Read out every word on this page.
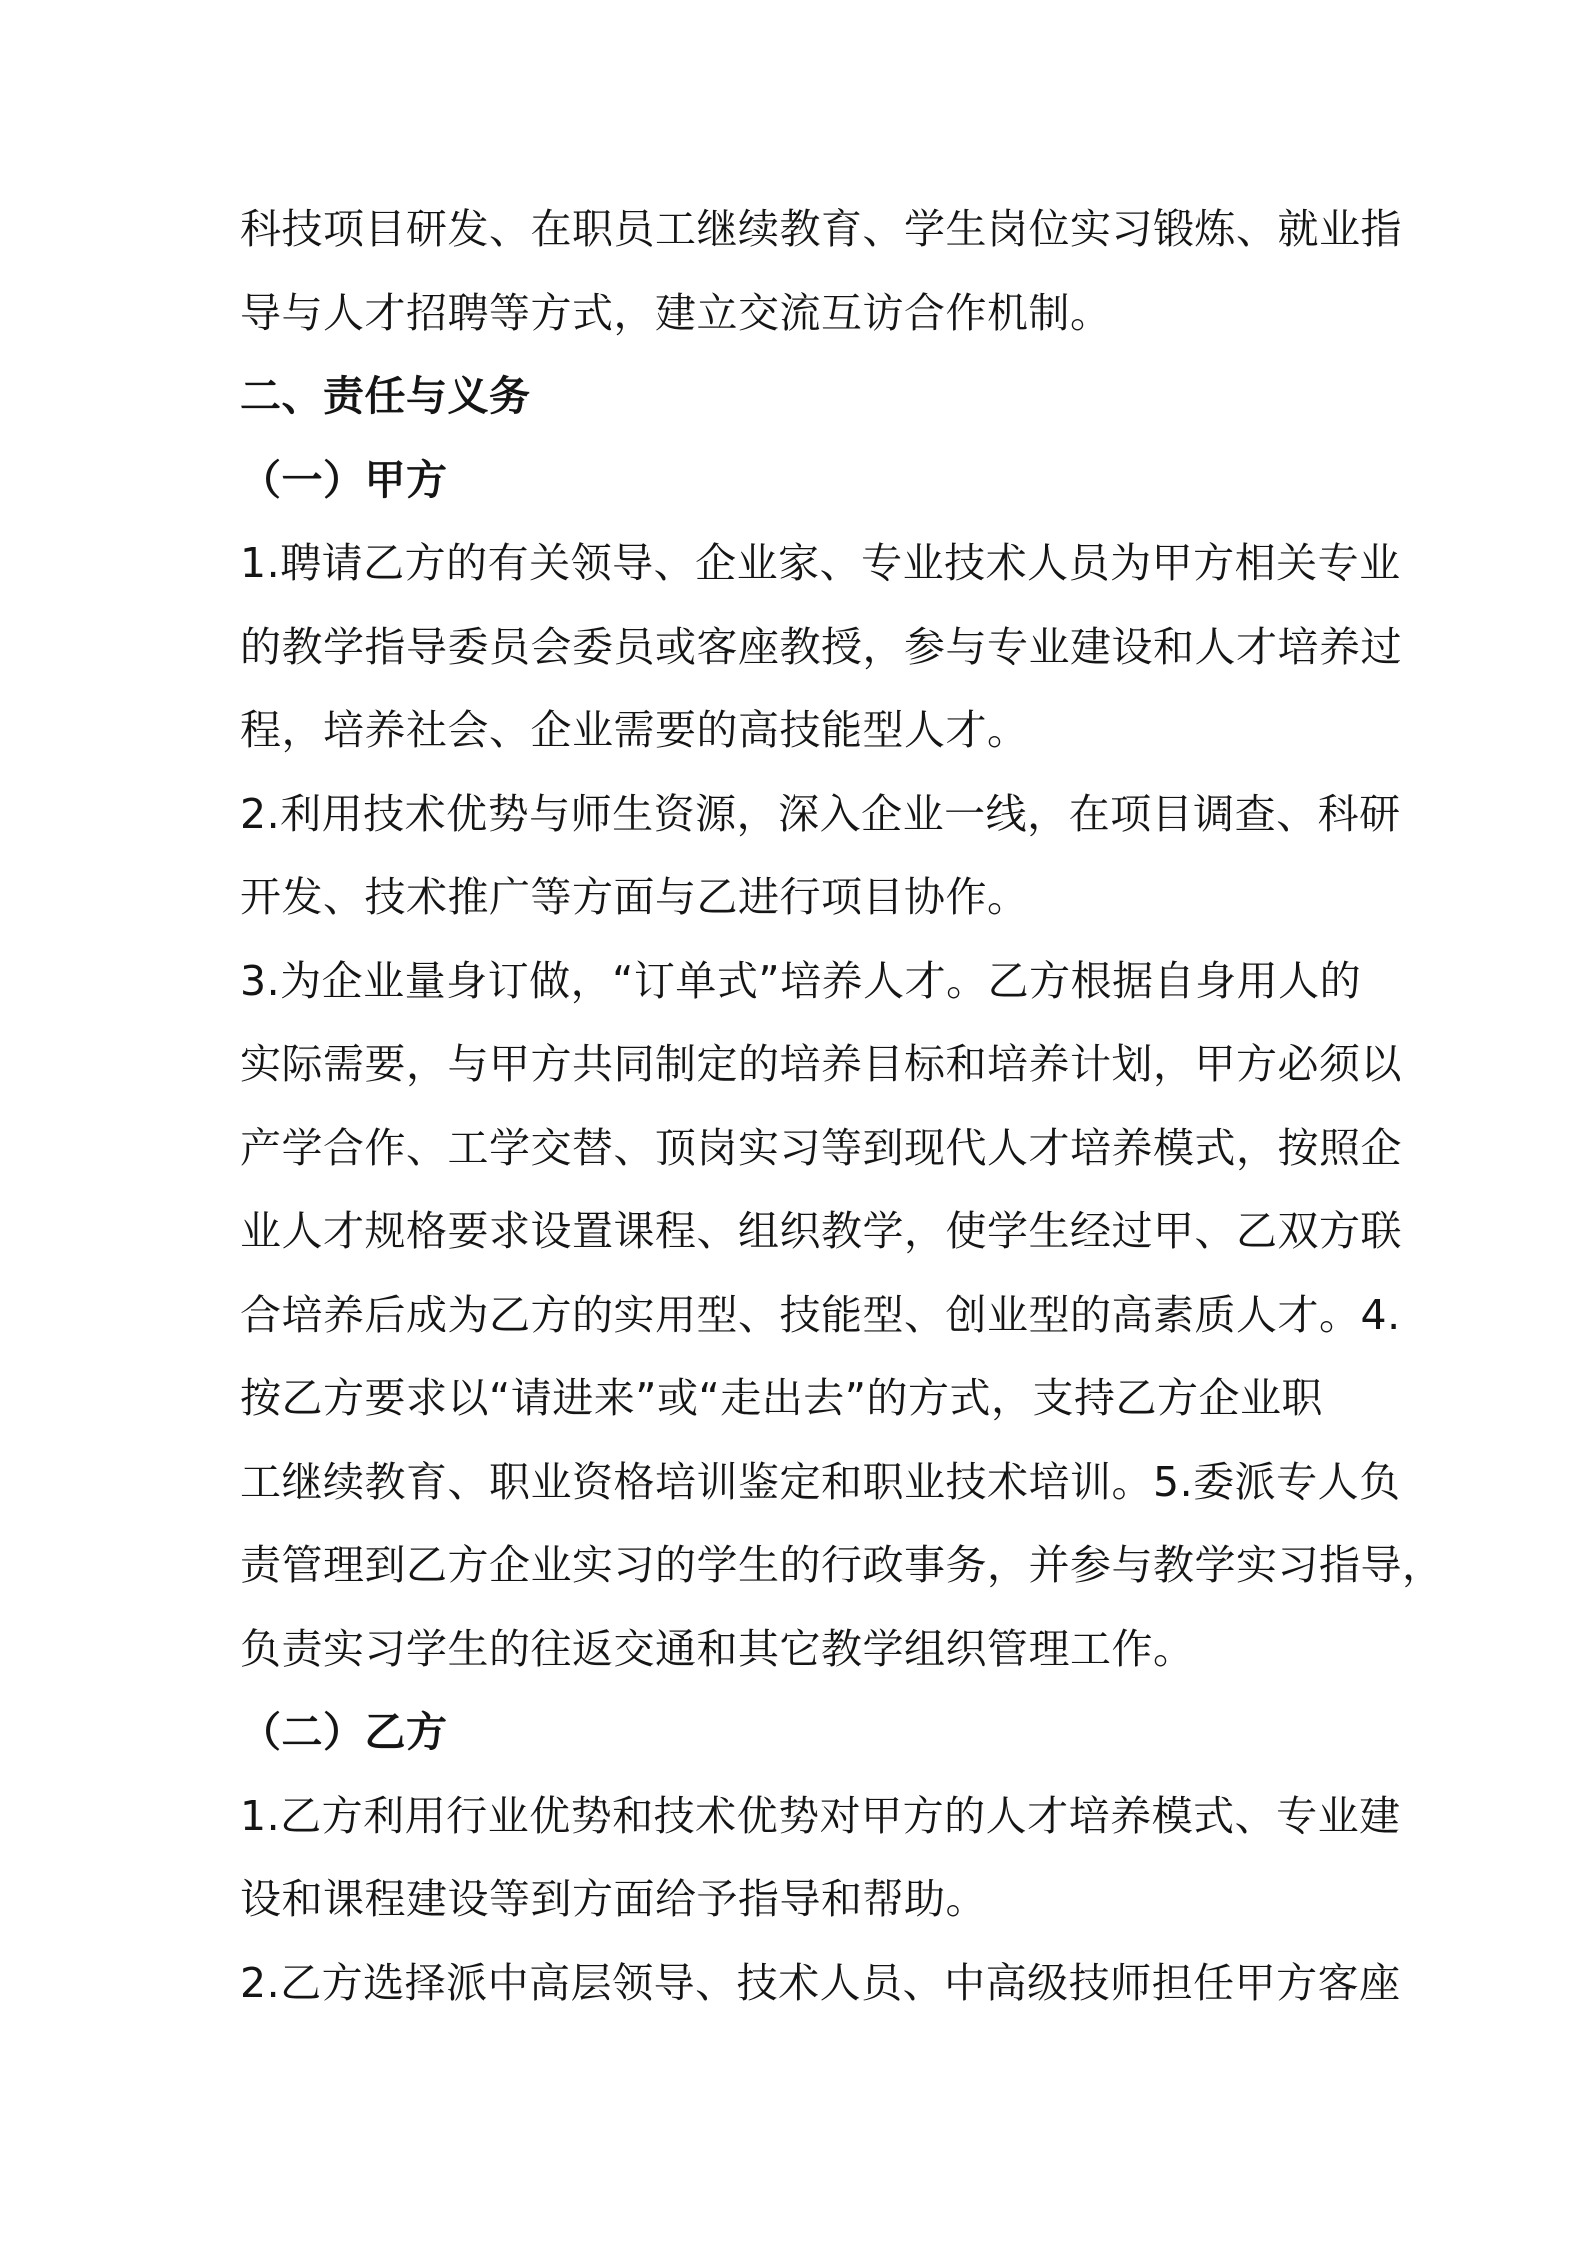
科技项目研发、在职员工继续教育、学生岗位实习锻炼、就业指
导与人才招聘等方式，建立交流互访合作机制。
二、责任与义务
（一）甲方
1.聘请乙方的有关领导、企业家、专业技术人员为甲方相关专业
的教学指导委员会委员或客座教授，参与专业建设和人才培养过
程，培养社会、企业需要的高技能型人才。
2.利用技术优势与师生资源，深入企业一线，在项目调查、科研
开发、技术推广等方面与乙进行项目协作。
3.为企业量身订做，“订单式”培养人才。乙方根据自身用人的
实际需要，与甲方共同制定的培养目标和培养计划，甲方必须以
产学合作、工学交替、顶岗实习等到现代人才培养模式，按照企
业人才规格要求设置课程、组织教学，使学生经过甲、乙双方联
合培养后成为乙方的实用型、技能型、创业型的高素质人才。4.
按乙方要求以“请进来”或“走出去”的方式，支持乙方企业职
工继续教育、职业资格培训鉴定和职业技术培训。5.委派专人负
责管理到乙方企业实习的学生的行政事务，并参与教学实习指导，
负责实习学生的往返交通和其它教学组织管理工作。
（二）乙方
1.乙方利用行业优势和技术优势对甲方的人才培养模式、专业建
设和课程建设等到方面给予指导和帮助。
2.乙方选择派中高层领导、技术人员、中高级技师担任甲方客座
